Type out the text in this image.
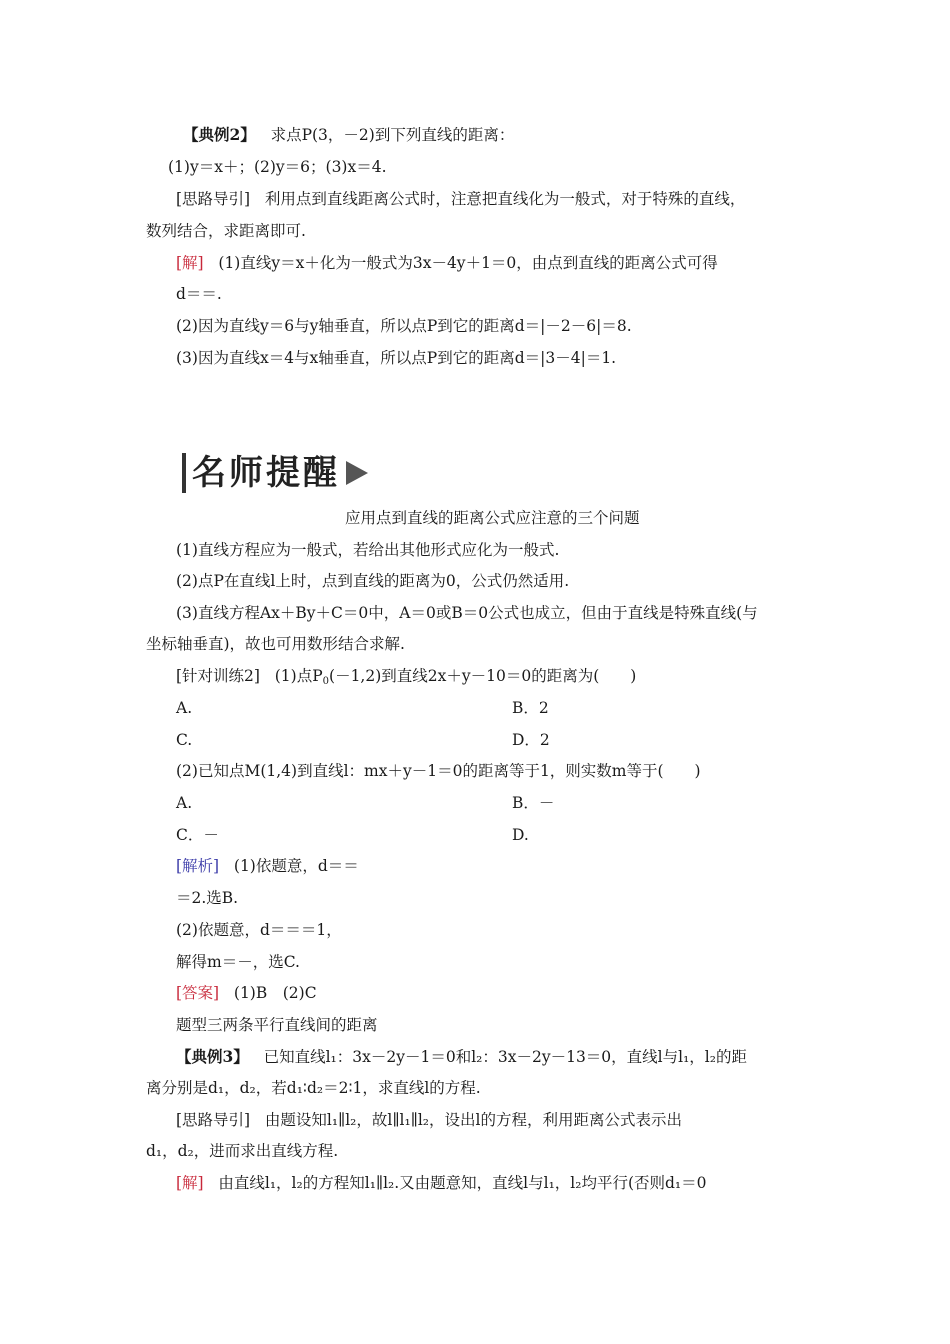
【典例2】 求点P(3，－2)到下列直线的距离：
(1)y＝x＋；(2)y＝6；(3)x＝4.
[思路导引] 利用点到直线距离公式时，注意把直线化为一般式，对于特殊的直线，
数列结合，求距离即可.
[解] (1)直线y＝x＋化为一般式为3x－4y＋1＝0，由点到直线的距离公式可得
d＝＝.
(2)因为直线y＝6与y轴垂直，所以点P到它的距离d＝|－2－6|＝8.
(3)因为直线x＝4与x轴垂直，所以点P到它的距离d＝|3－4|＝1.
名师提醒
应用点到直线的距离公式应注意的三个问题
(1)直线方程应为一般式，若给出其他形式应化为一般式.
(2)点P在直线l上时，点到直线的距离为0，公式仍然适用.
(3)直线方程Ax＋By＋C＝0中，A＝0或B＝0公式也成立，但由于直线是特殊直线(与
坐标轴垂直)，故也可用数形结合求解.
[针对训练2] (1)点$P_0(-1,2)$到直线2x＋y－10＝0的距离为(　　)
A.	B．2
C.	D．2
(2)已知点M(1,4)到直线l：mx＋y－1＝0的距离等于1，则实数m等于(　　)
A.	B．－
C．－	D.
[解析] (1)依题意，d＝＝
＝2.选B.
(2)依题意，d＝＝＝1，
解得m＝－，选C.
[答案] (1)B　(2)C
题型三两条平行直线间的距离
【典例3】 已知直线l₁：3x－2y－1＝0和l₂：3x－2y－13＝0，直线l与l₁，l₂的距
离分别是d₁，d₂，若d₁∶d₂＝2∶1，求直线l的方程.
[思路导引] 由题设知l₁∥l₂，故l∥l₁∥l₂，设出l的方程，利用距离公式表示出
d₁，d₂，进而求出直线方程.
[解] 由直线l₁，l₂的方程知l₁∥l₂.又由题意知，直线l与l₁，l₂均平行(否则d₁＝0
